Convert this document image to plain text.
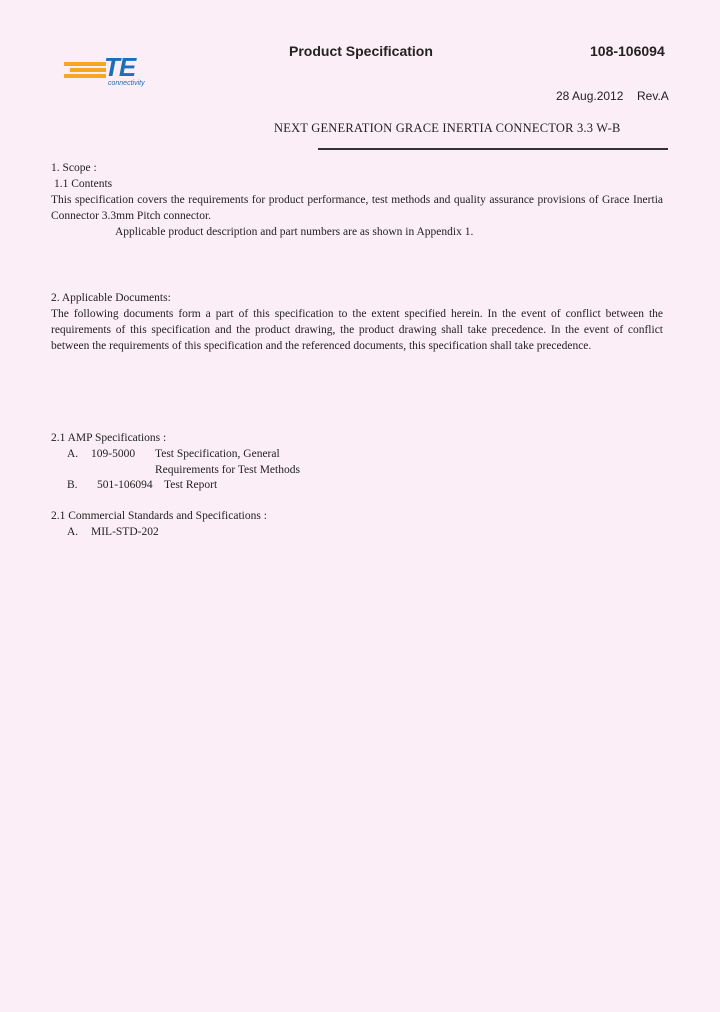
TE
connectivity
Product Specification	108-106094
28 Aug.2012 Rev.A
NEXT GENERATION GRACE INERTIA CONNECTOR 3.3 W-B
1. Scope :
1.1 Contents
This specification covers the requirements for product performance, test methods and quality assurance provisions of Grace Inertia Connector 3.3mm Pitch connector.
Applicable product description and part numbers are as shown in Appendix 1.
2. Applicable Documents:
The following documents form a part of this specification to the extent specified herein. In the event of conflict between the requirements of this specification and the product drawing, the product drawing shall take precedence. In the event of conflict between the requirements of this specification and the referenced documents, this specification shall take precedence.
2.1 AMP Specifications :
A. 109-5000 Test Specification, General
Requirements for Test Methods
B. 501-106094 Test Report
2.1 Commercial Standards and Specifications :
A. MIL-STD-202
